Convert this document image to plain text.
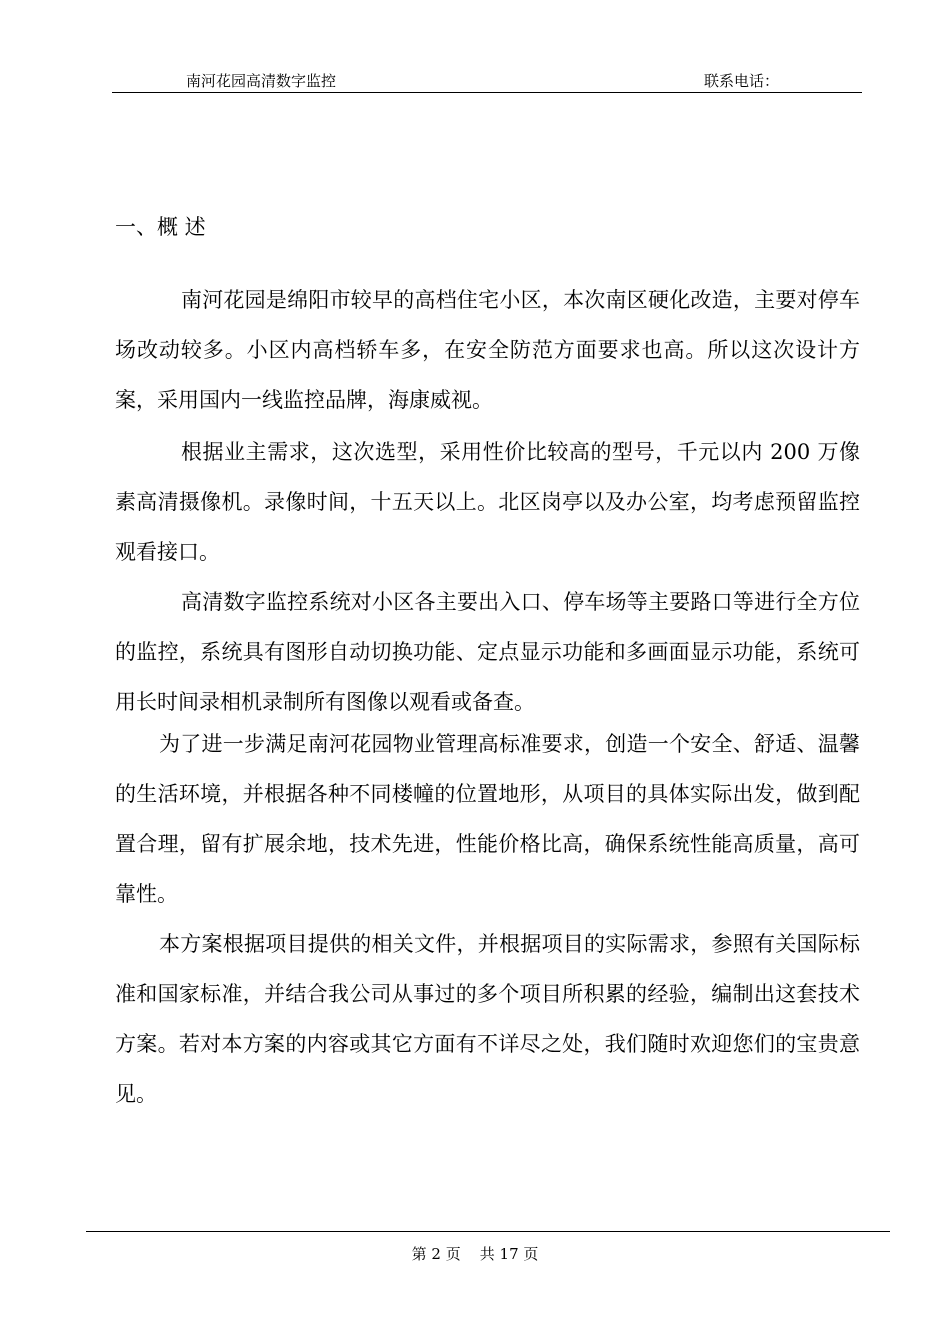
南河花园高清数字监控	联系电话：
一、概 述

南河花园是绵阳市较早的高档住宅小区，本次南区硬化改造，主要对停车场改动较多。小区内高档轿车多，在安全防范方面要求也高。所以这次设计方案，采用国内一线监控品牌，海康威视。

根据业主需求，这次选型，采用性价比较高的型号，千元以内 200 万像素高清摄像机。录像时间，十五天以上。北区岗亭以及办公室，均考虑预留监控观看接口。

高清数字监控系统对小区各主要出入口、停车场等主要路口等进行全方位的监控，系统具有图形自动切换功能、定点显示功能和多画面显示功能，系统可用长时间录相机录制所有图像以观看或备查。

为了进一步满足南河花园物业管理高标准要求，创造一个安全、舒适、温馨的生活环境，并根据各种不同楼幢的位置地形，从项目的具体实际出发，做到配置合理，留有扩展余地，技术先进，性能价格比高，确保系统性能高质量，高可靠性。

本方案根据项目提供的相关文件，并根据项目的实际需求，参照有关国际标准和国家标准，并结合我公司从事过的多个项目所积累的经验，编制出这套技术方案。若对本方案的内容或其它方面有不详尽之处，我们随时欢迎您们的宝贵意见。

第 2 页    共 17 页
